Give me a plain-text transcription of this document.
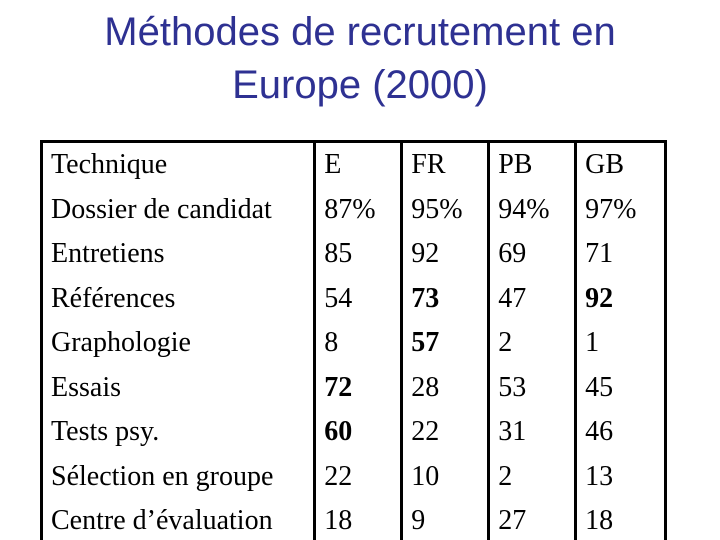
Méthodes de recrutement en
Europe (2000)
Technique	E	FR	PB	GB
Dossier de candidat	87%	95%	94%	97%
Entretiens	85	92	69	71
Références	54	73	47	92
Graphologie	8	57	2	1
Essais	72	28	53	45
Tests psy.	60	22	31	46
Sélection en groupe	22	10	2	13
Centre d’évaluation	18	9	27	18
